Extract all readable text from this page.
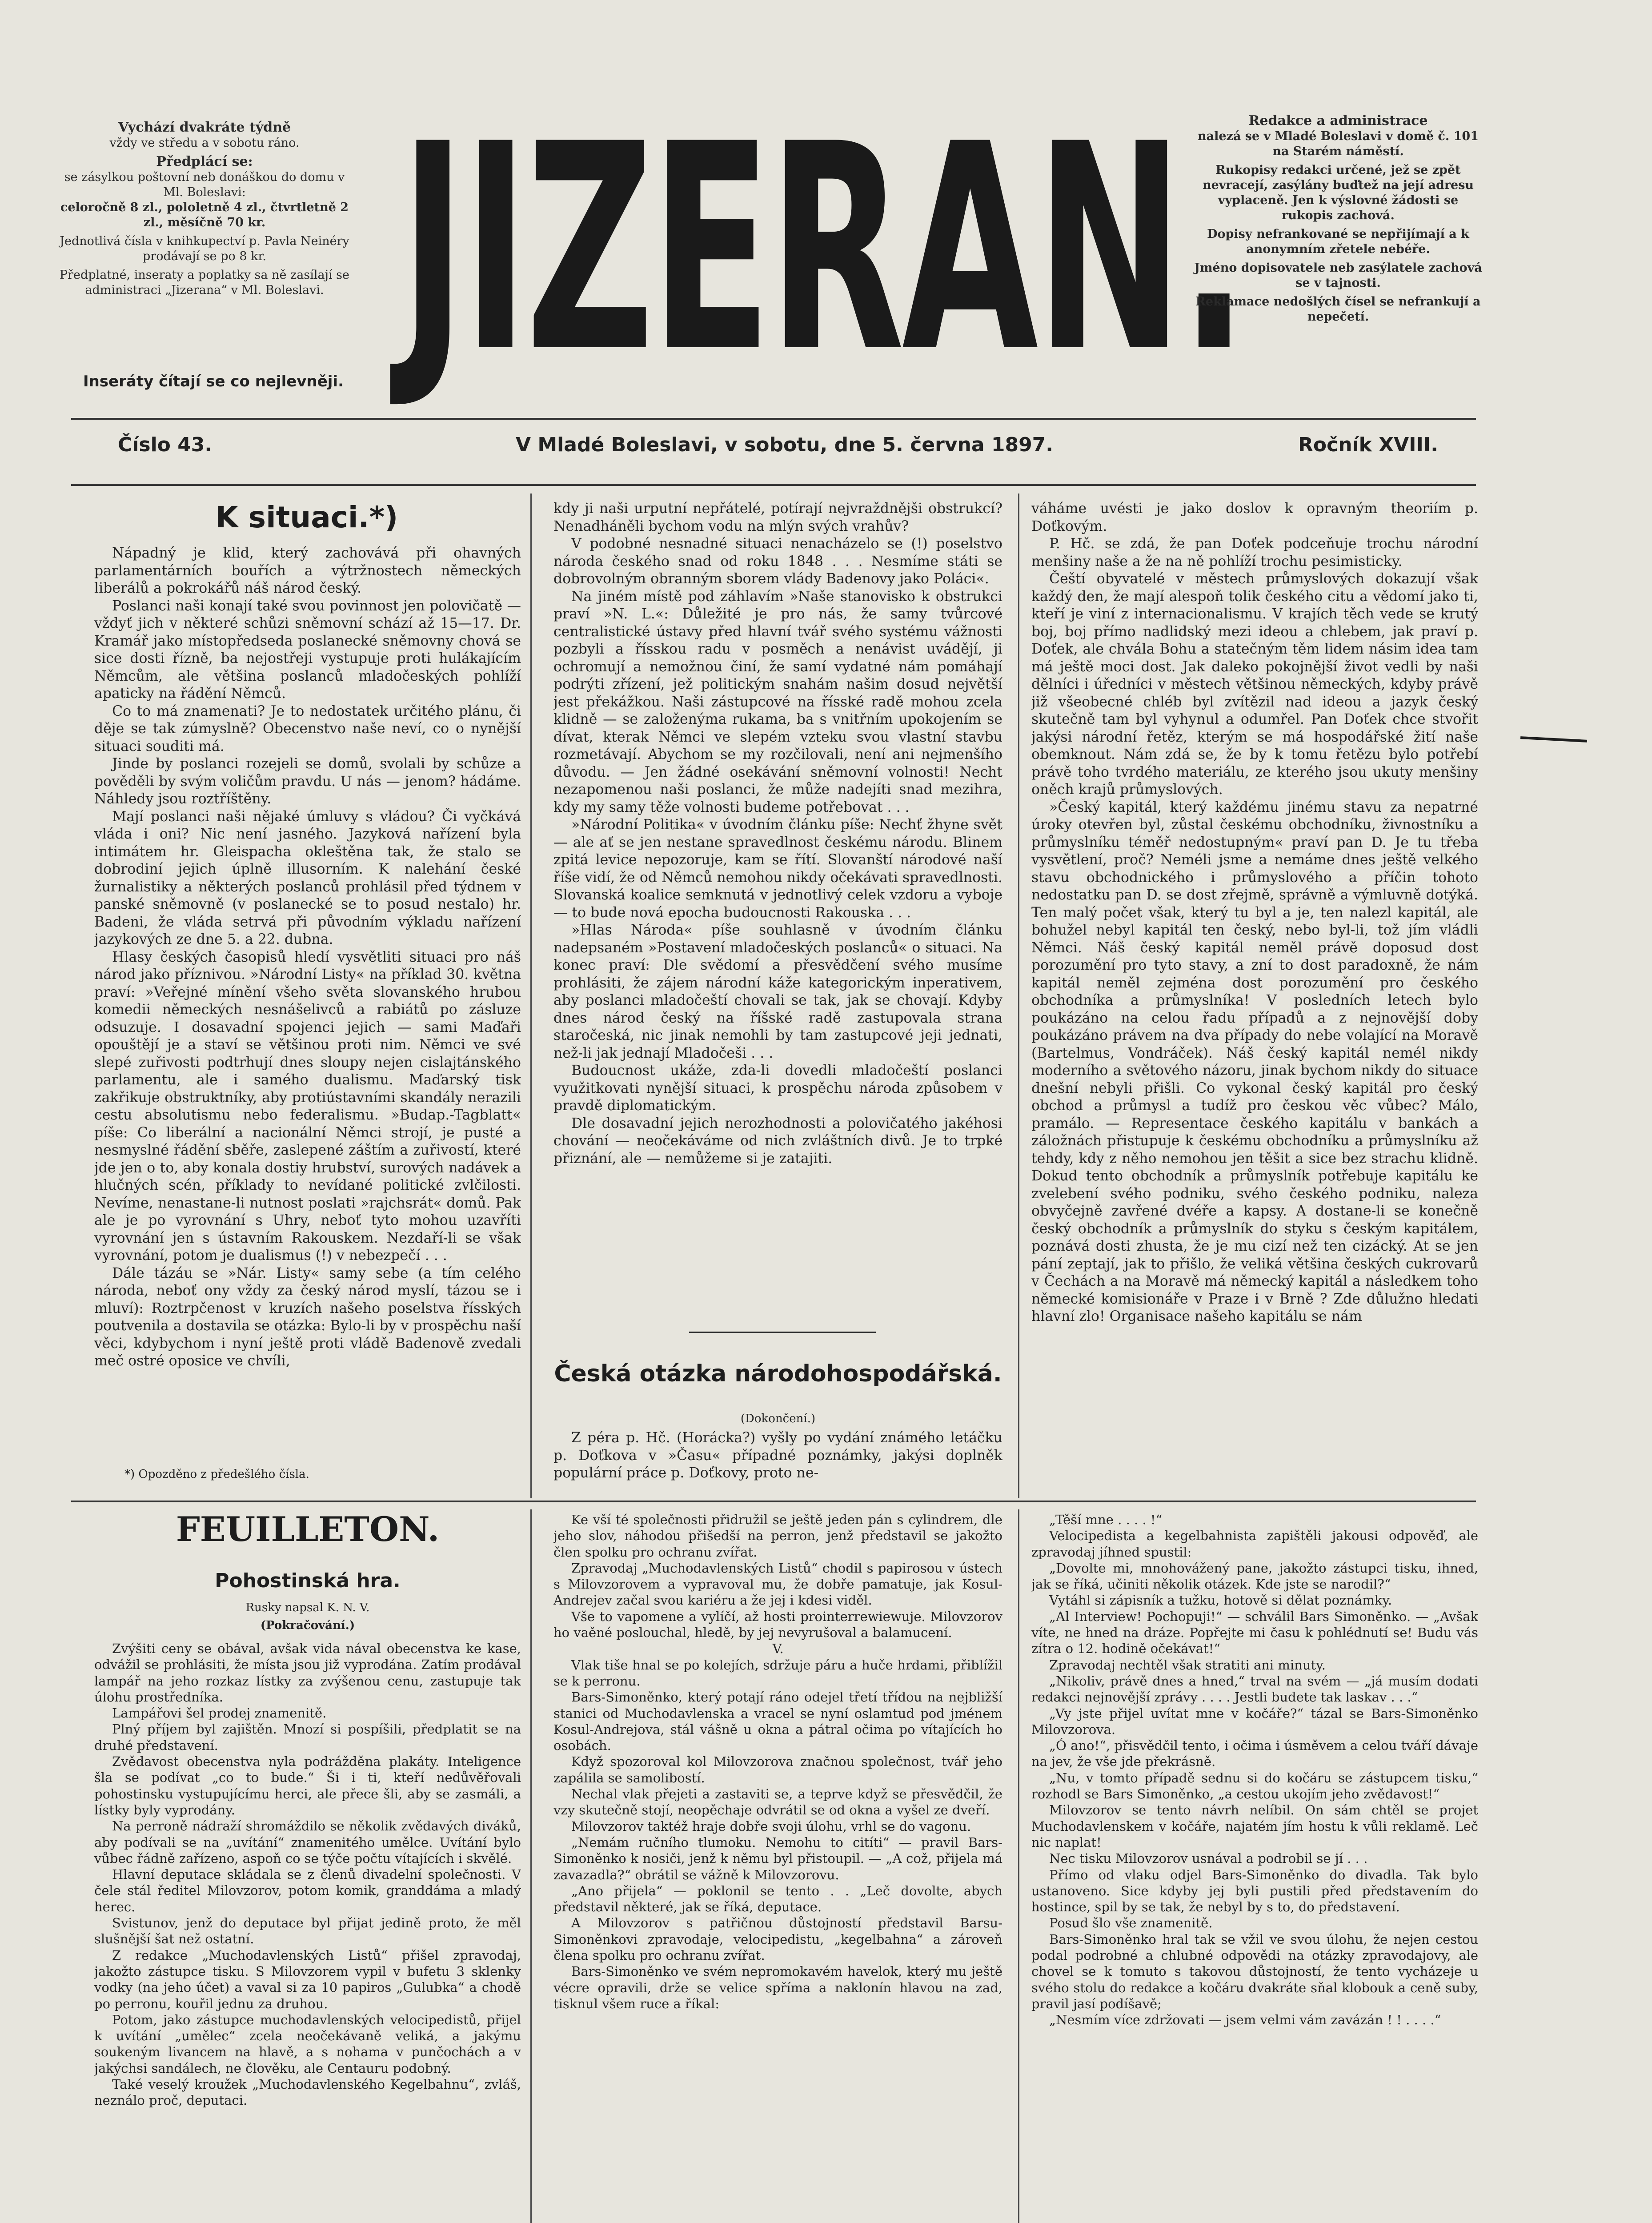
Vychází dvakráte týdně
vždy ve středu a v sobotu ráno.

Předplácí se:
se zásylkou poštovní neb donáškou do domu v Ml. Boleslavi:
celoročně 8 zl., pololetně 4 zl., čtvrtletně 2 zl., měsíčně 70 kr.

Jednotlivá čísla v knihkupectví p. Pavla Neinéry prodávají se po 8 kr.

Předplatné, inseraty a poplatky sa ně zasílají se administraci „Jizerana“ v Ml. Boleslavi.

Inseráty čítají se co nejlevněji. JIZERAN. Redakce a administrace
nalezá se v Mladé Boleslavi v domě č. 101 na Starém náměstí.

Rukopisy redakci určené, jež se zpět nevracejí, zasýlány buďtež na její adresu vyplaceně. Jen k výslovné žádosti se rukopis zachová.

Dopisy nefrankované se nepřijímají a k anonymním zřetele nebéře.

Jméno dopisovatele neb zasýlatele zachová se v tajnosti.

Reklamace nedošlých čísel se nefrankují a nepečetí.

Číslo 43.	V Mladé Boleslavi, v sobotu, dne 5. června 1897.	Ročník XVIII.
K situaci.*)

Nápadný je klid, který zachovává při ohavných parlamentárních bouřích a výtržnostech německých liberálů a pokrokářů náš národ český.

Poslanci naši konají také svou povinnost jen polovičatě — vždyť jich v některé schůzi sněmovní schází až 15—17. Dr. Kramář jako místopředseda poslanecké sněmovny chová se sice dosti řízně, ba nejostřeji vystupuje proti hulákajícím Němcům, ale většina poslanců mladočeských pohlíží apaticky na řádění Němců.

Co to má znamenati? Je to nedostatek určitého plánu, či děje se tak zúmyslně? Obecenstvo naše neví, co o nynější situaci souditi má.

Jinde by poslanci rozejeli se domů, svolali by schůze a pověděli by svým voličům pravdu. U nás — jenom? hádáme. Náhledy jsou roztříštěny.

Mají poslanci naši nějaké úmluvy s vládou? Či vyčkává vláda i oni? Nic není jasného. Jazyková nařízení byla intimátem hr. Gleispacha okleštěna tak, že stalo se dobrodiní jejich úplně illusorním. K nalehání české žurnalistiky a některých poslanců prohlásil před týdnem v panské sněmovně (v poslanecké se to posud nestalo) hr. Badeni, že vláda setrvá při původním výkladu nařízení jazykových ze dne 5. a 22. dubna.

Hlasy českých časopisů hledí vysvětliti situaci pro náš národ jako příznivou. »Národní Listy« na příklad 30. května praví: »Veřejné mínění všeho světa slovanského hrubou komedii německých nesnášelivců a rabiátů po zásluze odsuzuje. I dosavadní spojenci jejich — sami Maďaři opouštějí je a staví se většinou proti nim. Němci ve své slepé zuřivosti podtrhují dnes sloupy nejen cislajtánského parlamentu, ale i samého dualismu. Maďarský tisk zakřikuje obstruktníky, aby protiústavními skandály nerazili cestu absolutismu nebo federalismu. »Budap.-Tagblatt« píše: Co liberální a nacionální Němci strojí, je pusté a nesmyslné řádění sběře, zaslepené záštím a zuřivostí, které jde jen o to, aby konala dostiy hrubství, surových nadávek a hlučných scén, příklady to nevídané politické zvlčilosti. Nevíme, nenastane-li nutnost poslati »rajchsrát« domů. Pak ale je po vyrovnání s Uhry, neboť tyto mohou uzavříti vyrovnání jen s ústavním Rakouskem. Nezdaří-li se však vyrovnání, potom je dualismus (!) v nebezpečí . . .

Dále tázáu se »Nár. Listy« samy sebe (a tím celého národa, neboť ony vždy za český národ myslí, tázou se i mluví): Roztrpčenost v kruzích našeho poselstva řísských poutvenila a dostavila se otázka: Bylo-li by v prospěchu naší věci, kdybychom i nyní ještě proti vládě Badenově zvedali meč ostré oposice ve chvíli,

*) Opozděno z předešlého čísla.

kdy ji naši urputní nepřátelé, potírají nejvraždnějši obstrukcí? Nenadháněli bychom vodu na mlýn svých vrahův?

V podobné nesnadné situaci nenacházelo se (!) poselstvo národa českého snad od roku 1848 . . . Nesmíme státi se dobrovolným obranným sborem vlády Badenovy jako Poláci«.

Na jiném místě pod záhlavím »Naše stanovisko k obstrukci praví »N. L.«: Důležité je pro nás, že samy tvůrcové centralistické ústavy před hlavní tvář svého systému vážnosti pozbyli a řísskou radu v posměch a nenávist uvádějí, ji ochromují a nemožnou činí, že samí vydatné nám pomáhají podrýti zřízení, jež politickým snahám našim dosud největší jest překážkou. Naši zástupcové na řísské radě mohou zcela klidně — se založenýma rukama, ba s vnitřním upokojením se dívat, kterak Němci ve slepém vzteku svou vlastní stavbu rozmetávají. Abychom se my rozčilovali, není ani nejmenšího důvodu. — Jen žádné osekávání sněmovní volnosti! Necht nezapomenou naši poslanci, že může nadejíti snad mezihra, kdy my samy těže volnosti budeme potřebovat . . .

»Národní Politika« v úvodním článku píše: Nechť žhyne svět — ale ať se jen nestane spravedlnost českému národu. Blinem zpitá levice nepozoruje, kam se řítí. Slovanští národové naší říše vidí, že od Němců nemohou nikdy očekávati spravedlnosti. Slovanská koalice semknutá v jednotlivý celek vzdoru a vyboje — to bude nová epocha budoucnosti Rakouska . . .

»Hlas Národa« píše souhlasně v úvodním článku nadepsaném »Postavení mladočeských poslanců« o situaci. Na konec praví: Dle svědomí a přesvědčení svého musíme prohlásiti, že zájem národní káže kategorickým inperativem, aby poslanci mladočeští chovali se tak, jak se chovají. Kdyby dnes národ český na říšské radě zastupovala strana staročeská, nic jinak nemohli by tam zastupcové jeji jednati, než-li jak jednají Mladočeši . . .

Budoucnost ukáže, zda-li dovedli mladočeští poslanci využitkovati nynější situaci, k prospěchu národa způsobem v pravdě diplomatickým.

Dle dosavadní jejich nerozhodnosti a polovičatého jakéhosi chování — neočekáváme od nich zvláštních divů. Je to trpké přiznání, ale — nemůžeme si je zatajiti.

Česká otázka národohospodářská.
(Dokončení.)

Z péra p. Hč. (Horácka?) vyšly po vydání známého letáčku p. Doťkova v »Času« případné poznámky, jakýsi doplněk populární práce p. Doťkovy, proto ne-

váháme uvésti je jako doslov k opravným theoriím p. Doťkovým.

P. Hč. se zdá, že pan Doťek podceňuje trochu národní menšiny naše a že na ně pohlíží trochu pesimisticky.

Čeští obyvatelé v městech průmyslových dokazují však každý den, že mají alespoň tolik českého citu a vědomí jako ti, kteří je viní z internacionalismu. V krajích těch vede se krutý boj, boj přímo nadlidský mezi ideou a chlebem, jak praví p. Doťek, ale chvála Bohu a statečným těm lidem násim idea tam má ještě moci dost. Jak daleko pokojnější život vedli by naši dělníci i úředníci v městech většinou německých, kdyby právě již všeobecné chléb byl zvítězil nad ideou a jazyk český skutečně tam byl vyhynul a odumřel. Pan Doťek chce stvořit jakýsi národní řetěz, kterým se má hospodářské žití naše obemknout. Nám zdá se, že by k tomu řetězu bylo potřebí právě toho tvrdého materiálu, ze kterého jsou ukuty menšiny oněch krajů průmyslových.

»Český kapitál, který každému jinému stavu za nepatrné úroky otevřen byl, zůstal českému obchodníku, živnostníku a průmyslníku téměř nedostupným« praví pan D. Je tu třeba vysvětlení, proč? Neméli jsme a nemáme dnes ještě velkého stavu obchodnického i průmyslového a příčin tohoto nedostatku pan D. se dost zřejmě, správně a výmluvně dotýká. Ten malý počet však, který tu byl a je, ten nalezl kapitál, ale bohužel nebyl kapitál ten český, nebo byl-li, tož jím vládli Němci. Náš český kapitál neměl právě doposud dost porozumění pro tyto stavy, a zní to dost paradoxně, že nám kapitál neměl zejména dost porozumění pro českého obchodníka a průmyslníka! V posledních letech bylo poukázáno na celou řadu případů a z nejnovější doby poukázáno právem na dva případy do nebe volající na Moravě (Bartelmus, Vondráček). Náš český kapitál nemél nikdy moderního a světového názoru, jinak bychom nikdy do situace dnešní nebyli přišli. Co vykonal český kapitál pro český obchod a průmysl a tudíž pro českou věc vůbec? Málo, pramálo. — Representace českého kapitálu v bankách a záložnách přistupuje k českému obchodníku a průmyslníku až tehdy, kdy z něho nemohou jen těšit a sice bez strachu klidně. Dokud tento obchodník a průmyslník potřebuje kapitálu ke zvelebení svého podniku, svého českého podniku, naleza obvyčejně zavřené dvéře a kapsy. A dostane-li se konečně český obchodník a průmyslník do styku s českým kapitálem, poznává dosti zhusta, že je mu cizí než ten cizácký. At se jen pání zeptají, jak to přišlo, že veliká většina českých cukrovarů v Čechách a na Moravě má německý kapitál a následkem toho německé komisionáře v Praze i v Brně ? Zde důlužno hledati hlavní zlo! Organisace našeho kapitálu se nám

FEUILLETON.
Pohostinská hra.
Rusky napsal K. N. V.
(Pokračování.)

Zvýšiti ceny se obával, avšak vida nával obecenstva ke kase, odvážil se prohlásiti, že místa jsou již vyprodána. Zatím prodával lampář na jeho rozkaz lístky za zvýšenou cenu, zastupuje tak úlohu prostředníka.

Lampářovi šel prodej znamenitě.

Plný příjem byl zajištěn. Mnozí si pospíšili, předplatit se na druhé představení.

Zvědavost obecenstva nyla podrážděna plakáty. Inteligence šla se podívat „co to bude.“ Ši i ti, kteří nedůvěřovali pohostinsku vystupujícímu herci, ale přece šli, aby se zasmáli, a lístky byly vyprodány.

Na perroně nádraží shromáždilo se několik zvědavých diváků, aby podívali se na „uvítání“ znamenitého umělce. Uvítání bylo vůbec řádně zařízeno, aspoň co se týče počtu vítajících i skvělé.

Hlavní deputace skládala se z členů divadelní společnosti. V čele stál ředitel Milovzorov, potom komik, granddáma a mladý herec.

Svistunov, jenž do deputace byl přijat jedině proto, že měl slušnější šat než ostatní.

Z redakce „Muchodavlenských Listů“ přišel zpravodaj, jakožto zástupce tisku. S Milovzorem vypil v bufetu 3 sklenky vodky (na jeho účet) a vaval si za 10 papiros „Gulubka“ a chodě po perronu, kouřil jednu za druhou.

Potom, jako zástupce muchodavlenských velocipedistů, přijel k uvítání „umělec“ zcela neočekávaně veliká, a jakýmu soukeným livancem na hlavě, a s nohama v punčochách a v jakýchsi sandálech, ne člověku, ale Centauru podobný.

Také veselý kroužek „Muchodavlenského Kegelbahnu“, zvláš, neználo proč, deputaci.

Ke vší té společnosti přidružil se ještě jeden pán s cylindrem, dle jeho slov, náhodou přišedší na perron, jenž představil se jakožto člen spolku pro ochranu zvířat.

Zpravodaj „Muchodavlenských Listů“ chodil s papirosou v ústech s Milovzorovem a vypravoval mu, že dobře pamatuje, jak Kosul-Andrejev začal svou kariéru a že jej i kdesi viděl.

Vše to vapomene a vylíčí, až hosti prointerrewiewuje. Milovzorov ho vaěné poslouchal, hledě, by jej nevyrušoval a balamucení.

V.

Vlak tiše hnal se po kolejích, sdržuje páru a huče hrdami, přiblížil se k perronu.

Bars-Simoněnko, který potají ráno odejel třetí třídou na nejbližší stanici od Muchodavlenska a vracel se nyní oslamtud pod jménem Kosul-Andrejova, stál vášně u okna a pátral očima po vítajících ho osobách.

Když spozoroval kol Milovzorova značnou společnost, tvář jeho zapálila se samolibostí.

Nechal vlak přejeti a zastaviti se, a teprve když se přesvědčil, že vzy skutečně stojí, neopěchaje odvrátil se od okna a vyšel ze dveří.

Milovzorov taktéž hraje dobře svoji úlohu, vrhl se do vagonu.

„Nemám ručního tlumoku. Nemohu to citíti“ — pravil Bars-Simoněnko k nosiči, jenž k němu byl přistoupil. — „A což, přijela má zavazadla?“ obrátil se vážně k Milovzorovu.

„Ano přijela“ — poklonil se tento . . „Leč dovolte, abych představil některé, jak se říká, deputace.

A Milovzorov s patřičnou důstojností představil Barsu-Simoněnkovi zpravodaje, velocipedistu, „kegelbahna“ a zároveň člena spolku pro ochranu zvířat.

Bars-Simoněnko ve svém nepromokavém havelok, který mu ještě vécre opravili, drže se velice spříma a naklonín hlavou na zad, tisknul všem ruce a říkal:

„Těší mne . . . . !“

Velocipedista a kegelbahnista zapištěli jakousi odpověď, ale zpravodaj jíhned spustil:

„Dovolte mi, mnohovážený pane, jakožto zástupci tisku, ihned, jak se říká, učiniti několik otázek. Kde jste se narodil?“

Vytáhl si zápisník a tužku, hotově si dělat poznámky.

„Al Interview! Pochopuji!“ — schválil Bars Simoněnko. — „Avšak víte, ne hned na dráze. Popřejte mi času k pohlédnutí se! Budu vás zítra o 12. hodině očekávat!“

Zpravodaj nechtěl však stratiti ani minuty.

„Nikoliv, právě dnes a hned,“ trval na svém — „já musím dodati redakci nejnovější zprávy . . . . Jestli budete tak laskav . . .“

„Vy jste přijel uvítat mne v kočáře?“ tázal se Bars-Simoněnko Milovzorova.

„Ó ano!“, přisvědčil tento, i očima i úsměvem a celou tváří dávaje na jev, že vše jde překrásně.

„Nu, v tomto případě sednu si do kočáru se zástupcem tisku,“ rozhodl se Bars Simoněnko, „a cestou ukojím jeho zvědavost!“

Milovzorov se tento návrh nelíbil. On sám chtěl se projet Muchodavlenskem v kočáře, najatém jím hostu k vůli reklamě. Leč nic naplat!

Nec tisku Milovzorov usnával a podrobil se jí . . .

Přímo od vlaku odjel Bars-Simoněnko do divadla. Tak bylo ustanoveno. Sice kdyby jej byli pustili před představením do hostince, spil by se tak, že nebyl by s to, do představení.

Posud šlo vše znamenitě.

Bars-Simoněnko hral tak se vžil ve svou úlohu, že nejen cestou podal podrobné a chlubné odpovědi na otázky zpravodajovy, ale chovel se k tomuto s takovou důstojností, že tento vycházeje u svého stolu do redakce a kočáru dvakráte sňal klobouk a ceně suby, pravil jasí podíšavě;

„Nesmím více zdržovati — jsem velmi vám zavázán ! ! . . . .“
